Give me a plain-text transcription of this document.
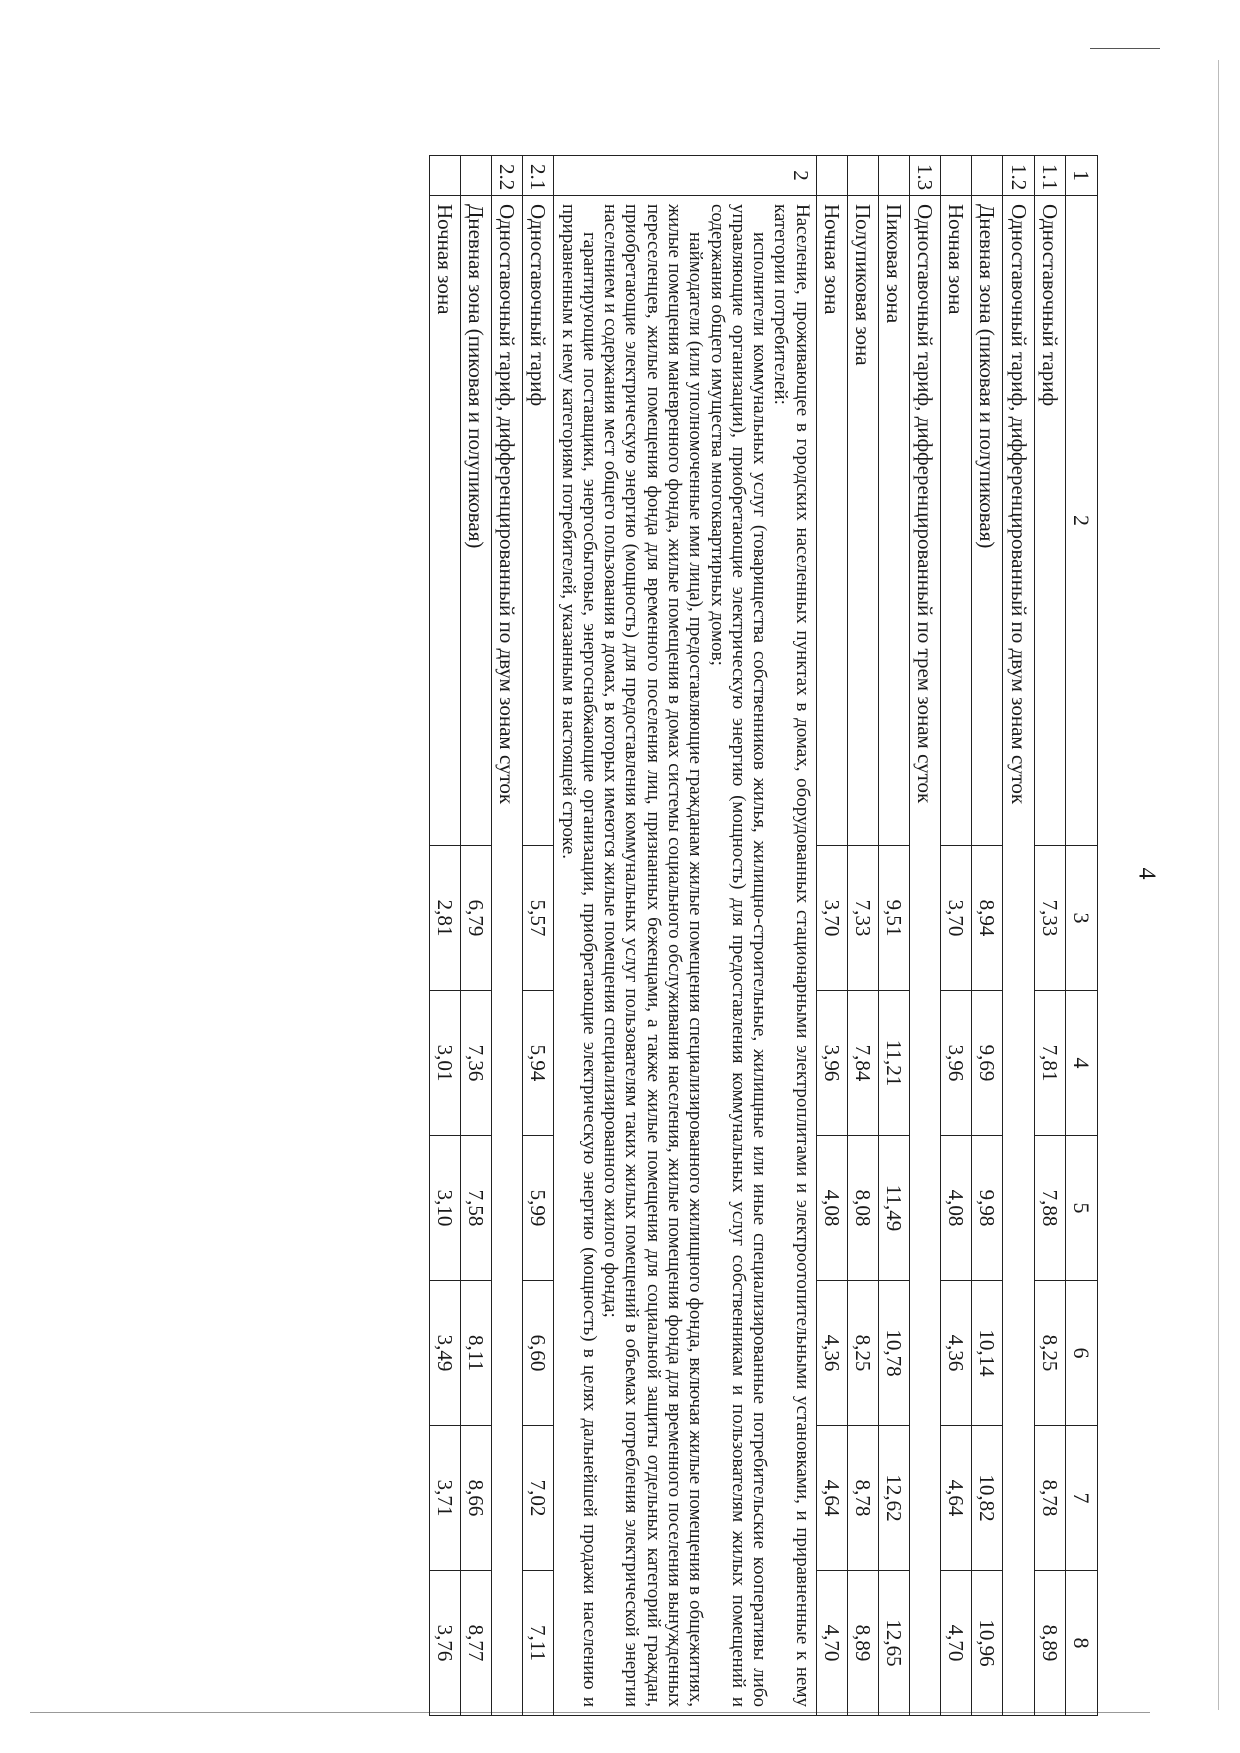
4
1	2	3	4	5	6	7	8
1.1	Одноставочный тариф	7,33	7,81	7,88	8,25	8,78	8,89
1.2	Одноставочный тариф, дифференцированный по двум зонам суток						
	Дневная зона (пиковая и полупиковая)	8,94	9,69	9,98	10,14	10,82	10,96
	Ночная зона	3,70	3,96	4,08	4,36	4,64	4,70
1.3	Одноставочный тариф, дифференцированный по трем зонам суток						
	Пиковая зона	9,51	11,21	11,49	10,78	12,62	12,65
	Полупиковая зона	7,33	7,84	8,08	8,25	8,78	8,89
	Ночная зона	3,70	3,96	4,08	4,36	4,64	4,70
2	Население, проживающее в городских населенных пунктах в домах, оборудованных стационарными электроплитами и электроотопительными установками, и приравненные к нему категории потребителей:

исполнители коммунальных услуг (товарищества собственников жилья, жилищно-строительные, жилищные или иные специализированные потребительские кооперативы либо управляющие организации), приобретающие электрическую энергию (мощность) для предоставления коммунальных услуг собственникам и пользователям жилых помещений и содержания общего имущества многоквартирных домов;

наймодатели (или уполномоченные ими лица), предоставляющие гражданам жилые помещения специализированного жилищного фонда, включая жилые помещения в общежитиях, жилые помещения маневренного фонда, жилые помещения в домах системы социального обслуживания населения, жилые помещения фонда для временного поселения вынужденных переселенцев, жилые помещения фонда для временного поселения лиц, признанных беженцами, а также жилые помещения для социальной защиты отдельных категорий граждан, приобретающие электрическую энергию (мощность) для предоставления коммунальных услуг пользователям таких жилых помещений в объемах потребления электрической энергии населением и содержания мест общего пользования в домах, в которых имеются жилые помещения специализированного жилого фонда;

гарантирующие поставщики, энергосбытовые, энергоснабжающие организации, приобретающие электрическую энергию (мощность) в целях дальнейшей продажи населению и приравненным к нему категориям потребителей, указанным в настоящей строке.						

2.1	Одноставочный тариф	5,57	5,94	5,99	6,60	7,02	7,11
2.2	Одноставочный тариф, дифференцированный по двум зонам суток						
	Дневная зона (пиковая и полупиковая)	6,79	7,36	7,58	8,11	8,66	8,77
	Ночная зона	2,81	3,01	3,10	3,49	3,71	3,76
